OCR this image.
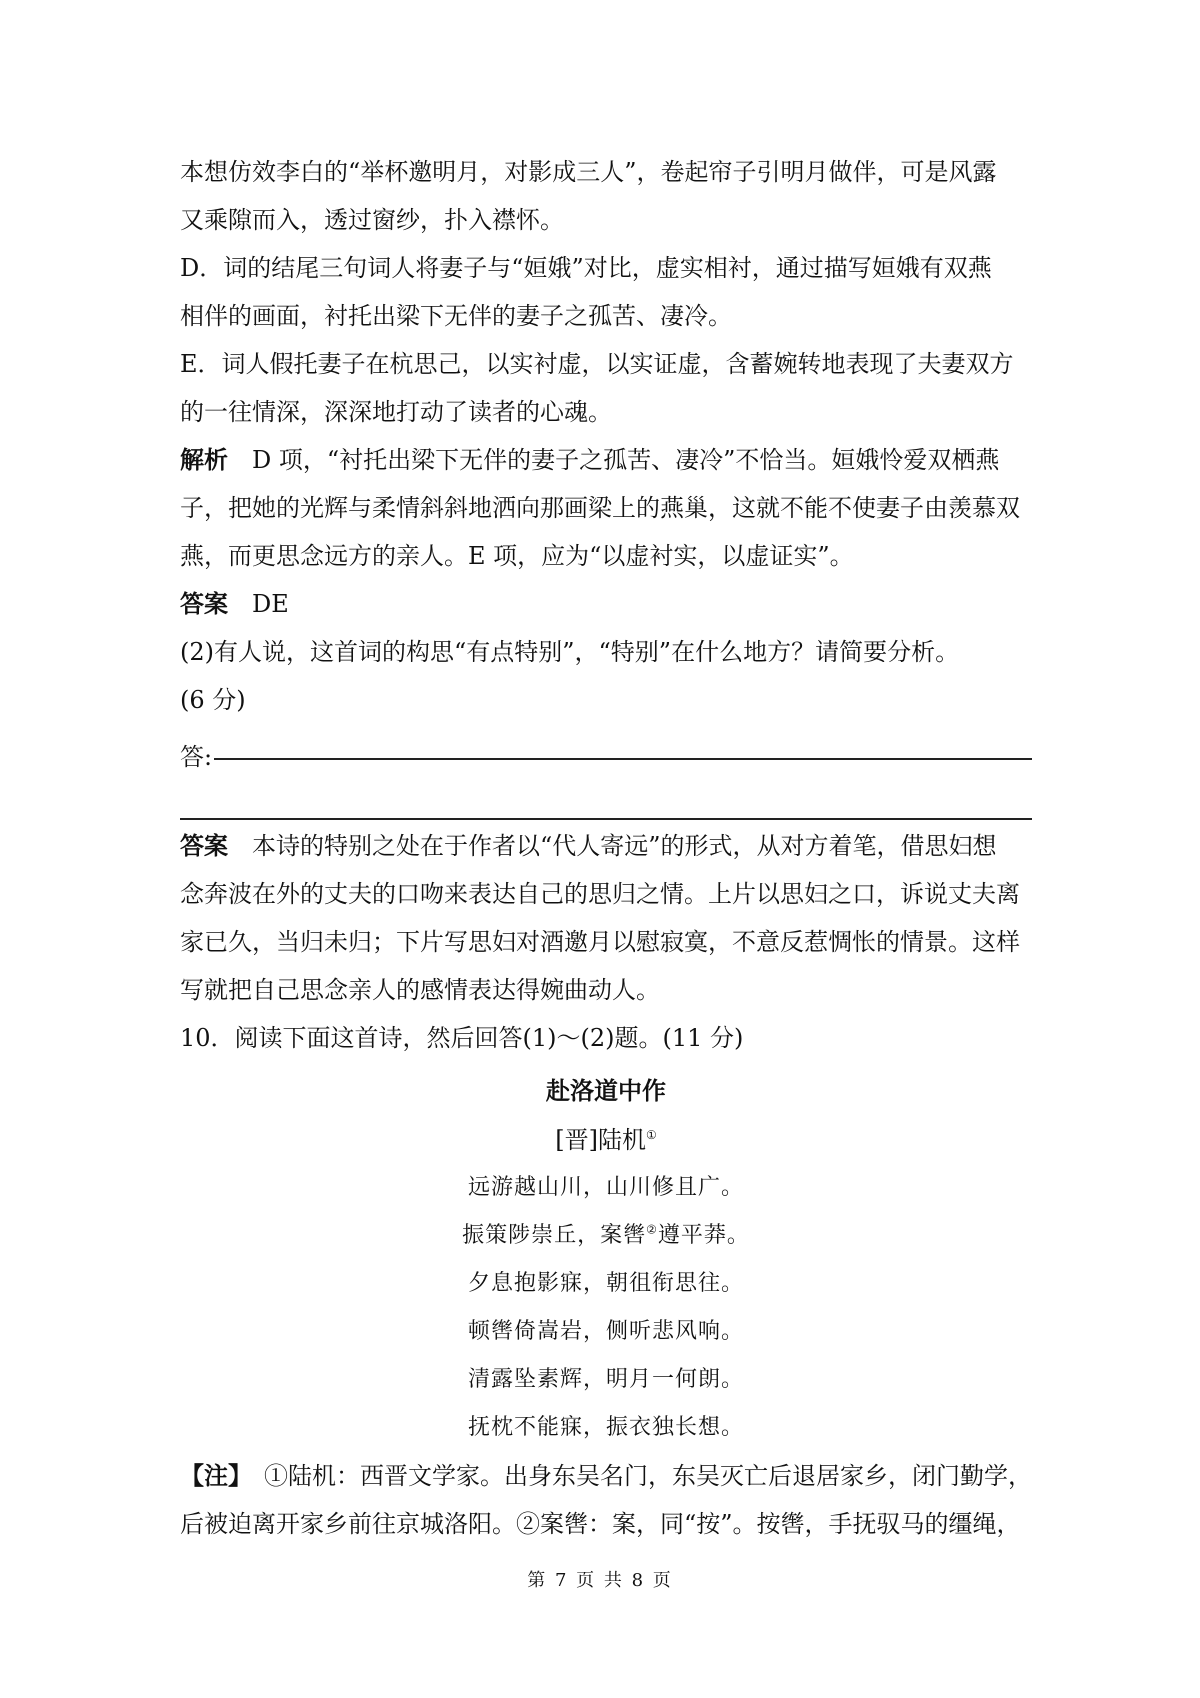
本想仿效李白的“举杯邀明月，对影成三人”，卷起帘子引明月做伴，可是风露

又乘隙而入，透过窗纱，扑入襟怀。

D．词的结尾三句词人将妻子与“姮娥”对比，虚实相衬，通过描写姮娥有双燕

相伴的画面，衬托出梁下无伴的妻子之孤苦、凄冷。

E．词人假托妻子在杭思己，以实衬虚，以实证虚，含蓄婉转地表现了夫妻双方

的一往情深，深深地打动了读者的心魂。

解析  D 项，“衬托出梁下无伴的妻子之孤苦、凄冷”不恰当。姮娥怜爱双栖燕

子，把她的光辉与柔情斜斜地洒向那画梁上的燕巢，这就不能不使妻子由羡慕双

燕，而更思念远方的亲人。E 项，应为“以虚衬实，以虚证实”。

答案  DE

(2)有人说，这首词的构思“有点特别”，“特别”在什么地方？请简要分析。

(6 分)

答:

答案  本诗的特别之处在于作者以“代人寄远”的形式，从对方着笔，借思妇想

念奔波在外的丈夫的口吻来表达自己的思归之情。上片以思妇之口，诉说丈夫离

家已久，当归未归；下片写思妇对酒邀月以慰寂寞，不意反惹惆怅的情景。这样

写就把自己思念亲人的感情表达得婉曲动人。

10．阅读下面这首诗，然后回答(1)～(2)题。(11 分)

赴洛道中作

[晋]陆机①

远游越山川，山川修且广。

振策陟崇丘，案辔②遵平莽。

夕息抱影寐，朝徂衔思往。

顿辔倚嵩岩，侧听悲风响。

清露坠素辉，明月一何朗。

抚枕不能寐，振衣独长想。

【注】  ①陆机：西晋文学家。出身东吴名门，东吴灭亡后退居家乡，闭门勤学，

后被迫离开家乡前往京城洛阳。②案辔：案，同“按”。按辔，手抚驭马的缰绳，

第 7 页 共 8 页
